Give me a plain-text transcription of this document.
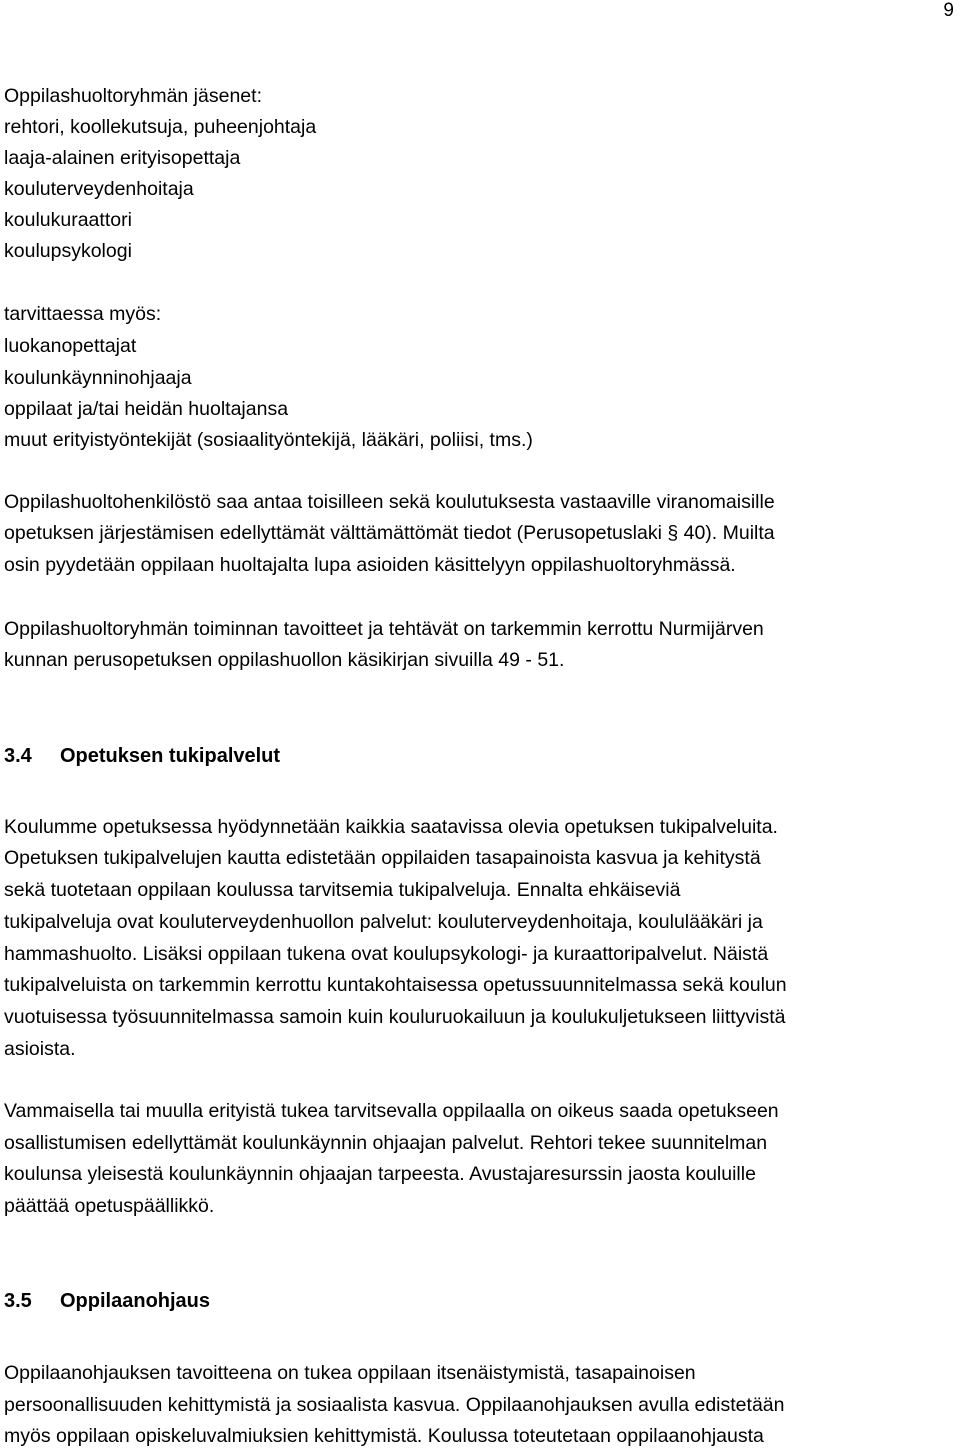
9
Oppilashuoltoryhmän jäsenet:
rehtori, koollekutsuja, puheenjohtaja
laaja-alainen erityisopettaja
kouluterveydenhoitaja
koulukuraattori
koulupsykologi
tarvittaessa myös:
luokanopettajat
koulunkäynninohjaaja
oppilaat ja/tai heidän huoltajansa
muut erityistyöntekijät (sosiaalityöntekijä, lääkäri, poliisi, tms.)
Oppilashuoltohenkilöstö saa antaa toisilleen sekä koulutuksesta vastaaville viranomaisille
opetuksen järjestämisen edellyttämät välttämättömät tiedot (Perusopetuslaki § 40). Muilta
osin pyydetään oppilaan huoltajalta lupa asioiden käsittelyyn oppilashuoltoryhmässä.
Oppilashuoltoryhmän toiminnan tavoitteet ja tehtävät on tarkemmin kerrottu Nurmijärven
kunnan perusopetuksen oppilashuollon käsikirjan sivuilla 49 - 51.
3.4 Opetuksen tukipalvelut
Koulumme opetuksessa hyödynnetään kaikkia saatavissa olevia opetuksen tukipalveluita.
Opetuksen tukipalvelujen kautta edistetään oppilaiden tasapainoista kasvua ja kehitystä
sekä tuotetaan oppilaan koulussa tarvitsemia tukipalveluja. Ennalta ehkäiseviä
tukipalveluja ovat kouluterveydenhuollon palvelut: kouluterveydenhoitaja, koululääkäri ja
hammashuolto. Lisäksi oppilaan tukena ovat koulupsykologi- ja kuraattoripalvelut. Näistä
tukipalveluista on tarkemmin kerrottu kuntakohtaisessa opetussuunnitelmassa sekä koulun
vuotuisessa työsuunnitelmassa samoin kuin kouluruokailuun ja koulukuljetukseen liittyvistä
asioista.
Vammaisella tai muulla erityistä tukea tarvitsevalla oppilaalla on oikeus saada opetukseen
osallistumisen edellyttämät koulunkäynnin ohjaajan palvelut. Rehtori tekee suunnitelman
koulunsa yleisestä koulunkäynnin ohjaajan tarpeesta. Avustajaresurssin jaosta kouluille
päättää opetuspäällikkö.
3.5 Oppilaanohjaus
Oppilaanohjauksen tavoitteena on tukea oppilaan itsenäistymistä, tasapainoisen
persoonallisuuden kehittymistä ja sosiaalista kasvua. Oppilaanohjauksen avulla edistetään
myös oppilaan opiskeluvalmiuksien kehittymistä. Koulussa toteutetaan oppilaanohjausta
